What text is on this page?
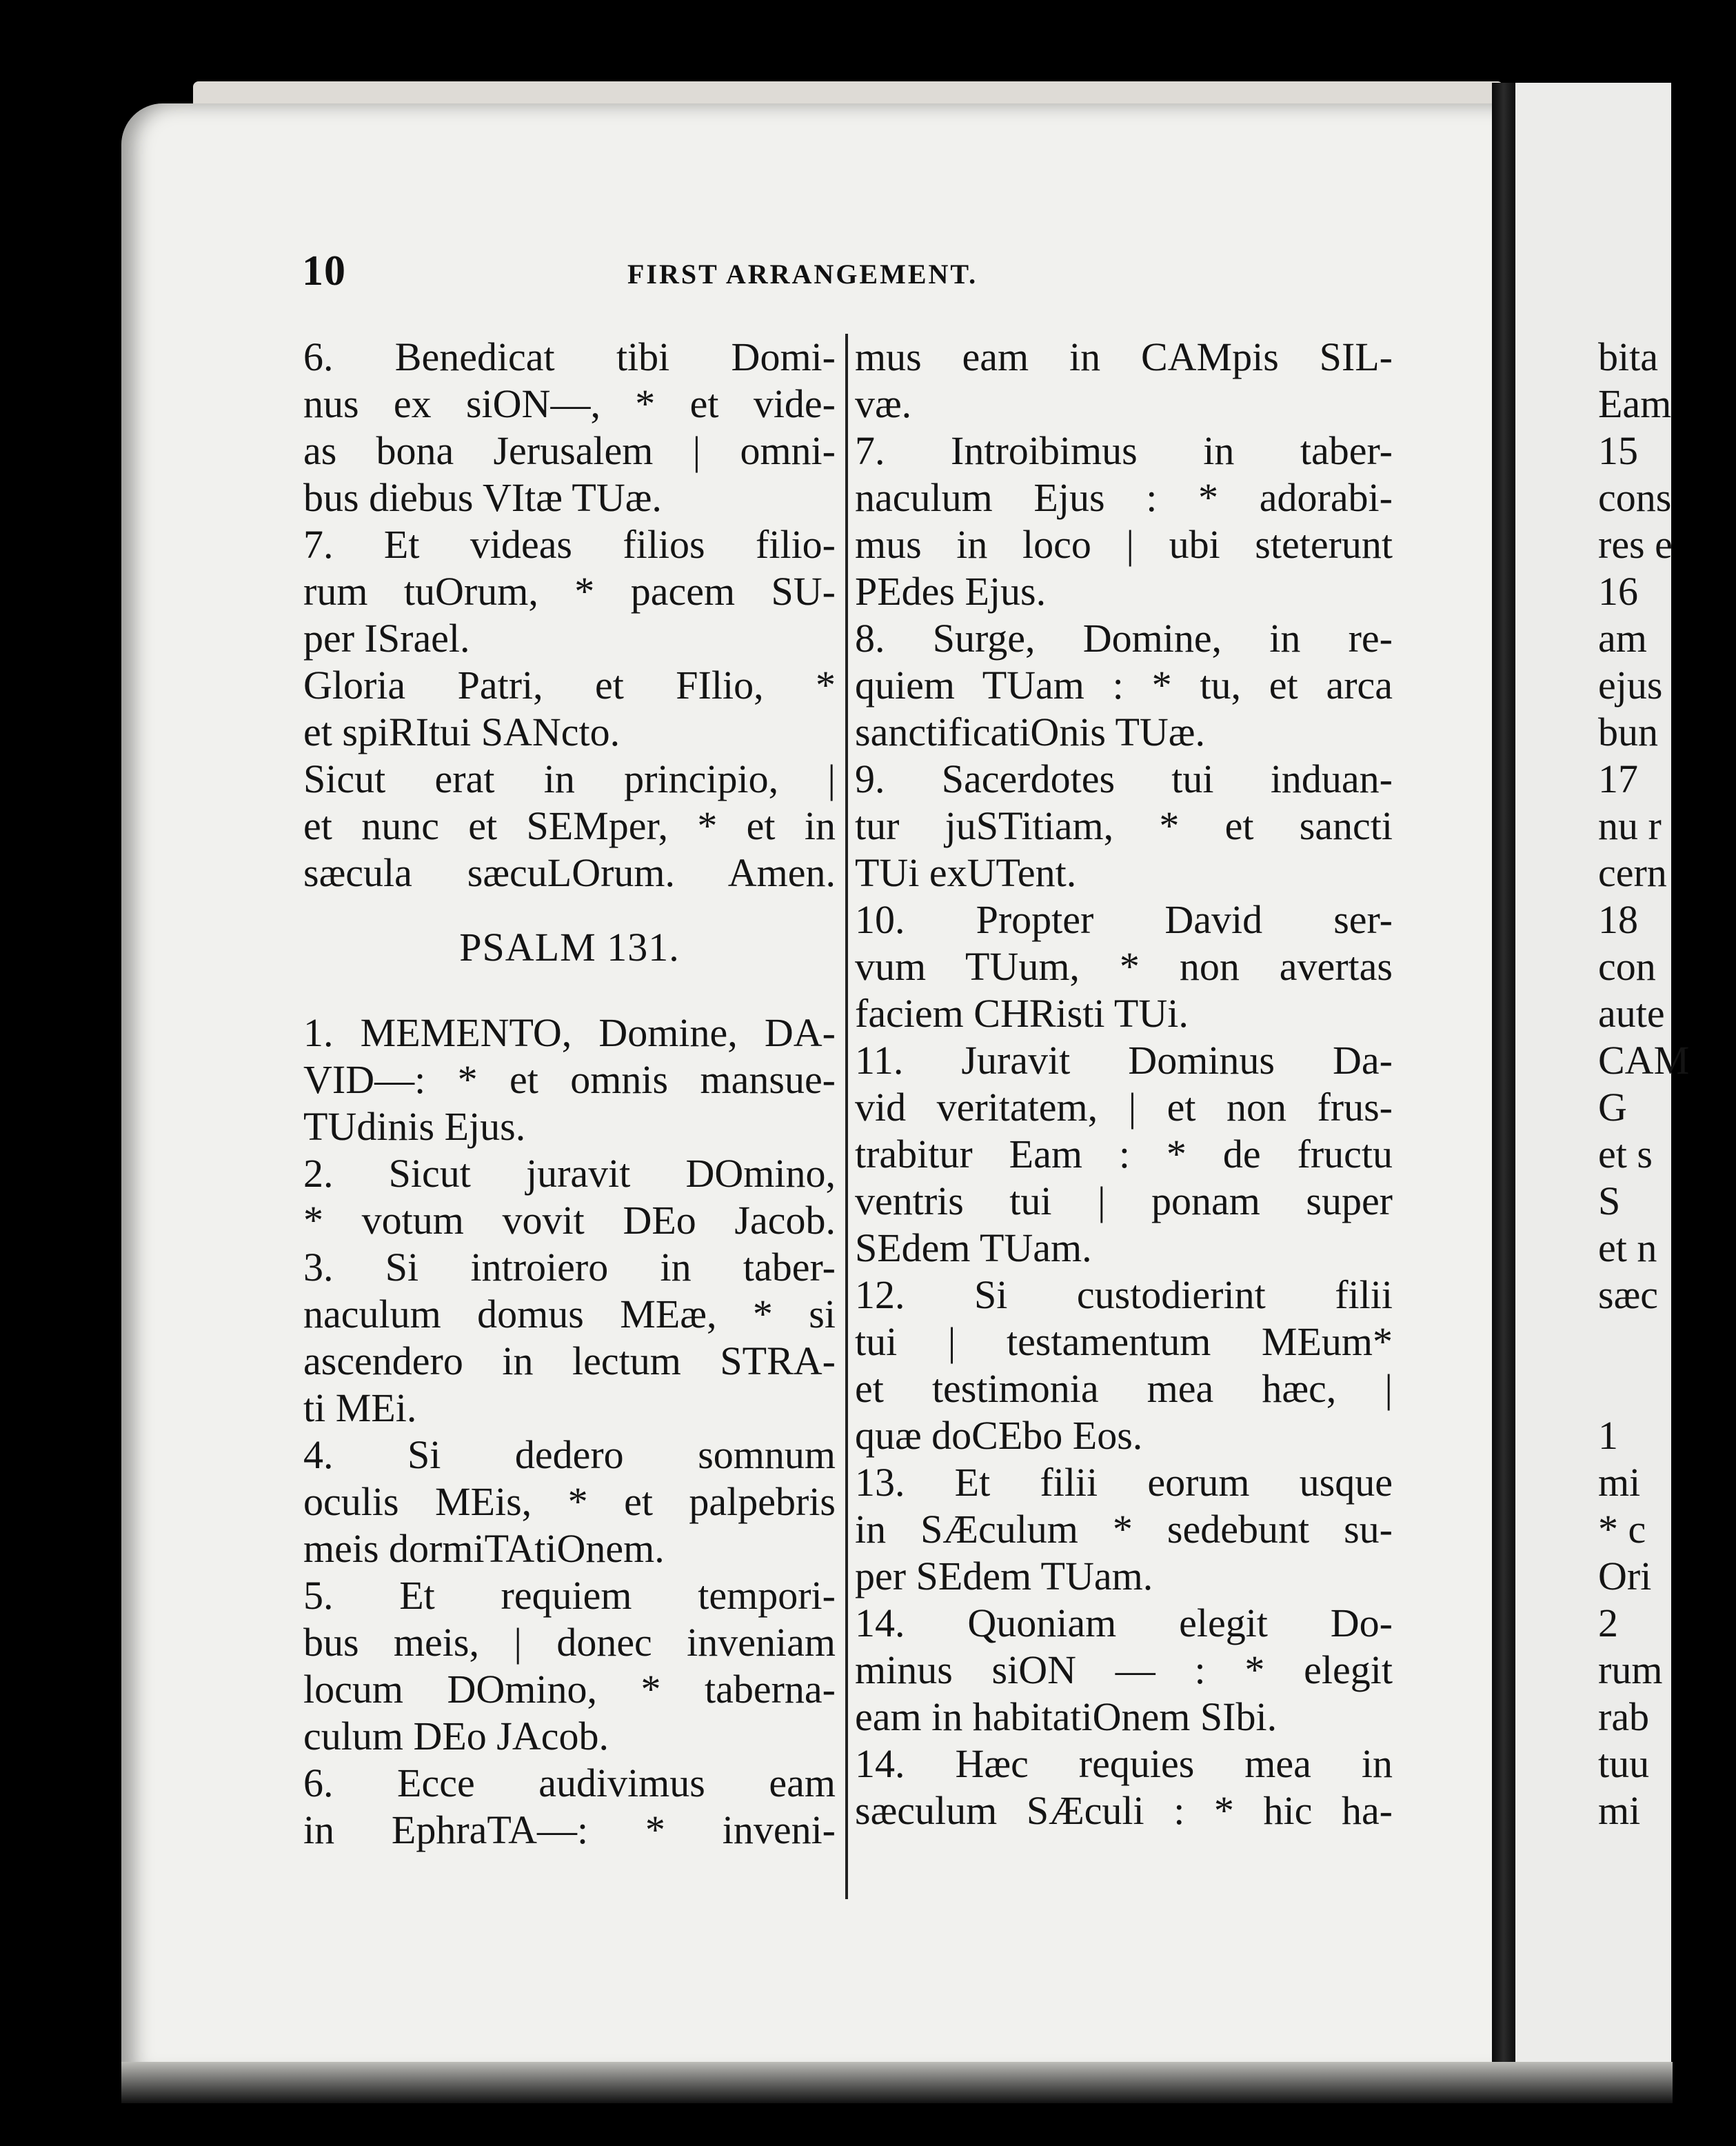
10	FIRST ARRANGEMENT.
6. Benedicat tibi Domi-
nus ex siON—, * et vide-
as bona Jerusalem | omni-
bus diebus VItæ TUæ.
7. Et videas filios filio-
rum tuOrum, * pacem SU-
per ISrael.
Gloria Patri, et FIlio, *
et spiRItui SANcto.
Sicut erat in principio, |
et nunc et SEMper, * et in
sæcula sæcuLOrum. Amen.
PSALM 131.
1. MEMENTO, Domine, DA-
VID—: * et omnis mansue-
TUdinis Ejus.
2. Sicut juravit DOmino,
* votum vovit DEo Jacob.
3. Si introiero in taber-
naculum domus MEæ, * si
ascendero in lectum STRA-
ti MEi.
4. Si dedero somnum
oculis MEis, * et palpebris
meis dormiTAtiOnem.
5. Et requiem tempori-
bus meis, | donec inveniam
locum DOmino, * taberna-
culum DEo JAcob.
6. Ecce audivimus eam
in EphraTA—: * inveni-
mus eam in CAMpis SIL-
væ.
7. Introibimus in taber-
naculum Ejus : * adorabi-
mus in loco | ubi steterunt
PEdes Ejus.
8. Surge, Domine, in re-
quiem TUam : * tu, et arca
sanctificatiOnis TUæ.
9. Sacerdotes tui induan-
tur juSTitiam, * et sancti
TUi exUTent.
10. Propter David ser-
vum TUum, * non avertas
faciem CHRisti TUi.
11. Juravit Dominus Da-
vid veritatem, | et non frus-
trabitur Eam : * de fructu
ventris tui | ponam super
SEdem TUam.
12. Si custodierint filii
tui | testamentum MEum*
et testimonia mea hæc, |
quæ doCEbo Eos.
13. Et filii eorum usque
in SÆculum * sedebunt su-
per SEdem TUam.
14. Quoniam elegit Do-
minus siON — : * elegit
eam in habitatiOnem SIbi.
14. Hæc requies mea in
sæculum SÆculi : * hic ha-
bita
Eam
15
cons
res e
16
am
ejus
bun
17
nu r
cern
18
con
aute
CAM
G
et s
S
et n
sæc

1
mi
* c
Ori
2
rum
rab
tuu
mi
